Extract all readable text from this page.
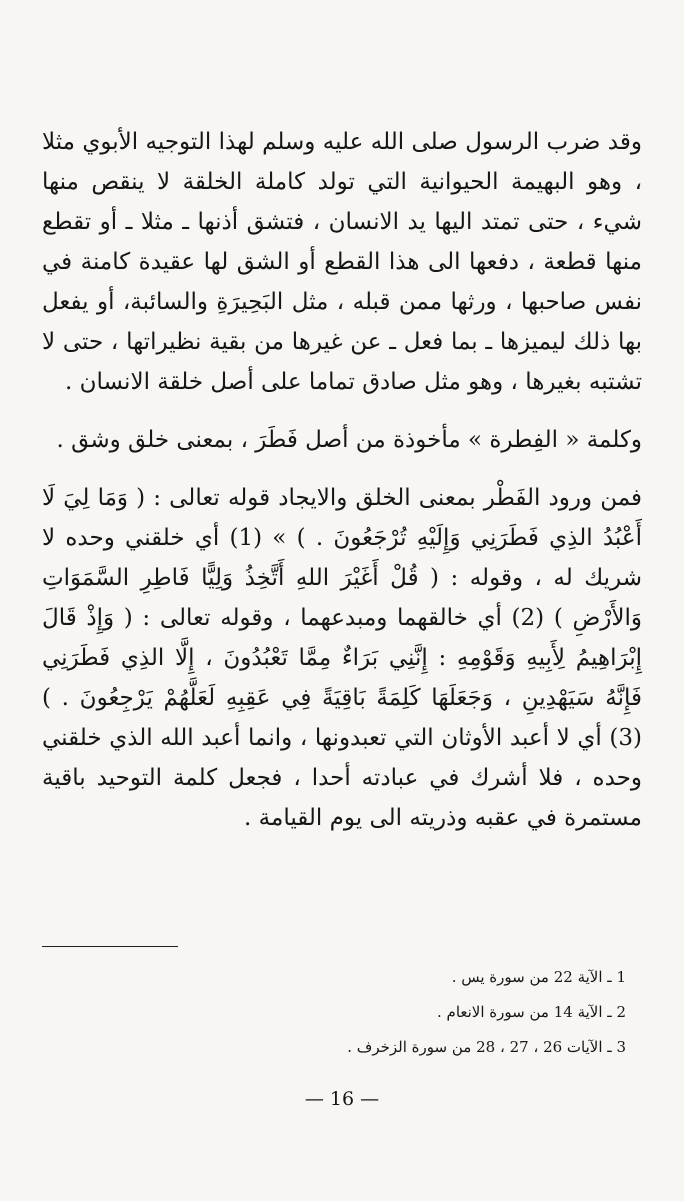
وقد ضرب الرسول صلى الله عليه وسلم لهذا التوجيه الأبوي مثلا ، وهو البهيمة الحيوانية التي تولد كاملة الخلقة لا ينقص منها شيء ، حتى تمتد اليها يد الانسان ، فتشق أذنها ـ مثلا ـ أو تقطع منها قطعة ، دفعها الى هذا القطع أو الشق لها عقيدة كامنة في نفس صاحبها ، ورثها ممن قبله ، مثل البَحِيرَةِ والسائبة، أو يفعل بها ذلك ليميزها ـ بما فعل ـ عن غيرها من بقية نظيراتها ، حتى لا تشتبه بغيرها ، وهو مثل صادق تماما على أصل خلقة الانسان .

وكلمة « الفِطرة » مأخوذة من أصل فَطَرَ ، بمعنى خلق وشق .

فمن ورود الفَطْر بمعنى الخلق والايجاد قوله تعالى : ( وَمَا لِيَ لَا أَعْبُدُ الذِي فَطَرَنِي وَإِلَيْهِ تُرْجَعُونَ . ) » (1) أي خلقني وحده لا شريك له ، وقوله : ( قُلْ أَغَيْرَ اللهِ أَتَّخِذُ وَلِيًّا فَاطِرِ السَّمَوَاتِ وَالأَرْضِ ) (2) أي خالقهما ومبدعهما ، وقوله تعالى : ( وَإِذْ قَالَ إِبْرَاهِيمُ لِأَبِيهِ وَقَوْمِهِ : إِنَّنِي بَرَاءٌ مِمَّا تَعْبُدُونَ ، إِلَّا الذِي فَطَرَنِي فَإِنَّهُ سَيَهْدِينِ ، وَجَعَلَهَا كَلِمَةً بَاقِيَةً فِي عَقِبِهِ لَعَلَّهُمْ يَرْجِعُونَ . ) (3) أي لا أعبد الأوثان التي تعبدونها ، وانما أعبد الله الذي خلقني وحده ، فلا أشرك في عبادته أحدا ، فجعل كلمة التوحيد باقية مستمرة في عقبه وذريته الى يوم القيامة .

1 ـ الآية 22 من سورة يس .
2 ـ الآية 14 من سورة الانعام .
3 ـ الآيات 26 ، 27 ، 28 من سورة الزخرف .
— 16 —
